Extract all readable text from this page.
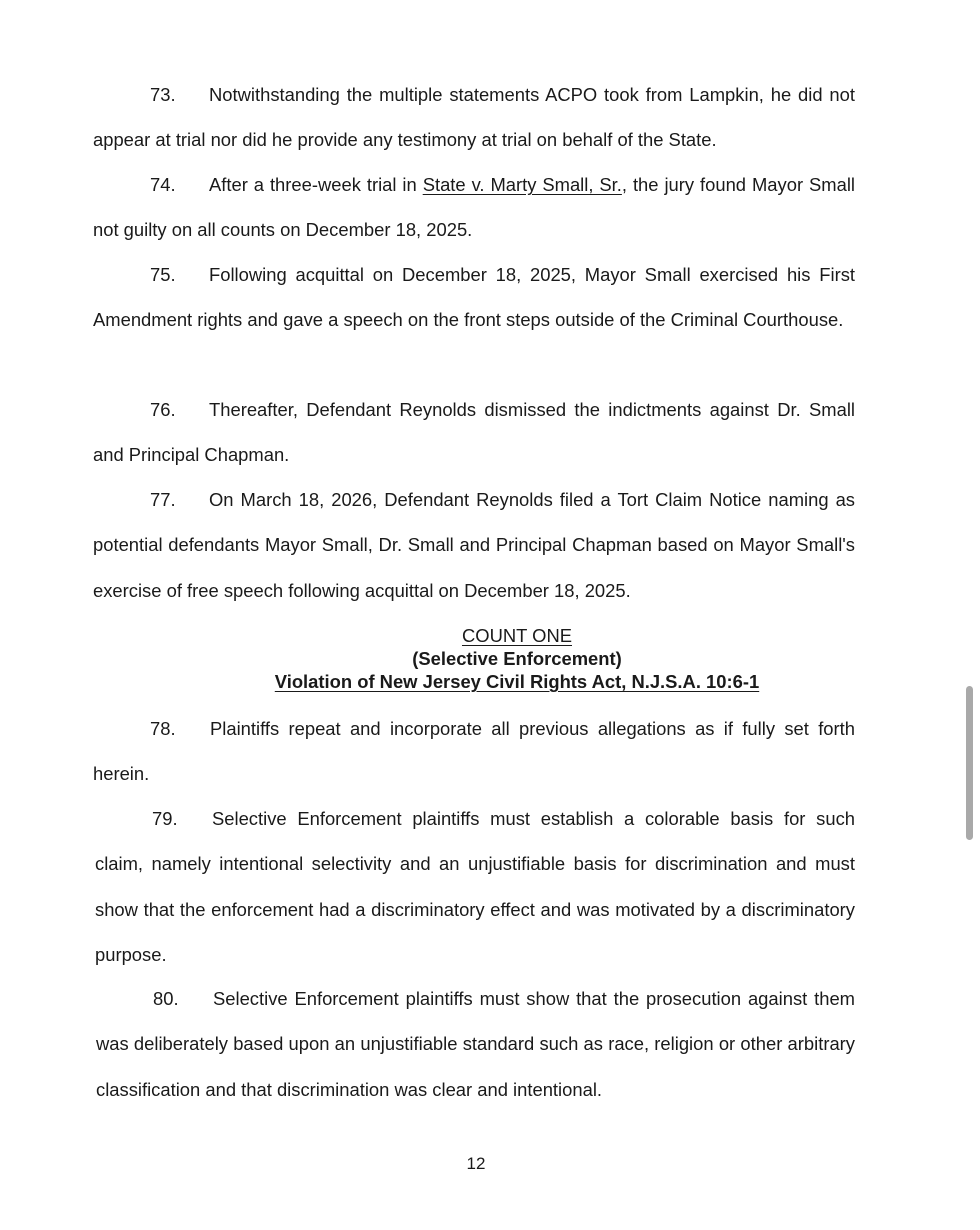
73. Notwithstanding the multiple statements ACPO took from Lampkin, he did not appear at trial nor did he provide any testimony at trial on behalf of the State.

74. After a three-week trial in State v. Marty Small, Sr., the jury found Mayor Small not guilty on all counts on December 18, 2025.

75. Following acquittal on December 18, 2025, Mayor Small exercised his First Amendment rights and gave a speech on the front steps outside of the Criminal Courthouse.

76. Thereafter, Defendant Reynolds dismissed the indictments against Dr. Small and Principal Chapman.

77. On March 18, 2026, Defendant Reynolds filed a Tort Claim Notice naming as potential defendants Mayor Small, Dr. Small and Principal Chapman based on Mayor Small's exercise of free speech following acquittal on December 18, 2025.

COUNT ONE

(Selective Enforcement)

Violation of New Jersey Civil Rights Act, N.J.S.A. 10:6-1

78. Plaintiffs repeat and incorporate all previous allegations as if fully set forth herein.

79. Selective Enforcement plaintiffs must establish a colorable basis for such claim, namely intentional selectivity and an unjustifiable basis for discrimination and must show that the enforcement had a discriminatory effect and was motivated by a discriminatory purpose.

80. Selective Enforcement plaintiffs must show that the prosecution against them was deliberately based upon an unjustifiable standard such as race, religion or other arbitrary classification and that discrimination was clear and intentional.

12
